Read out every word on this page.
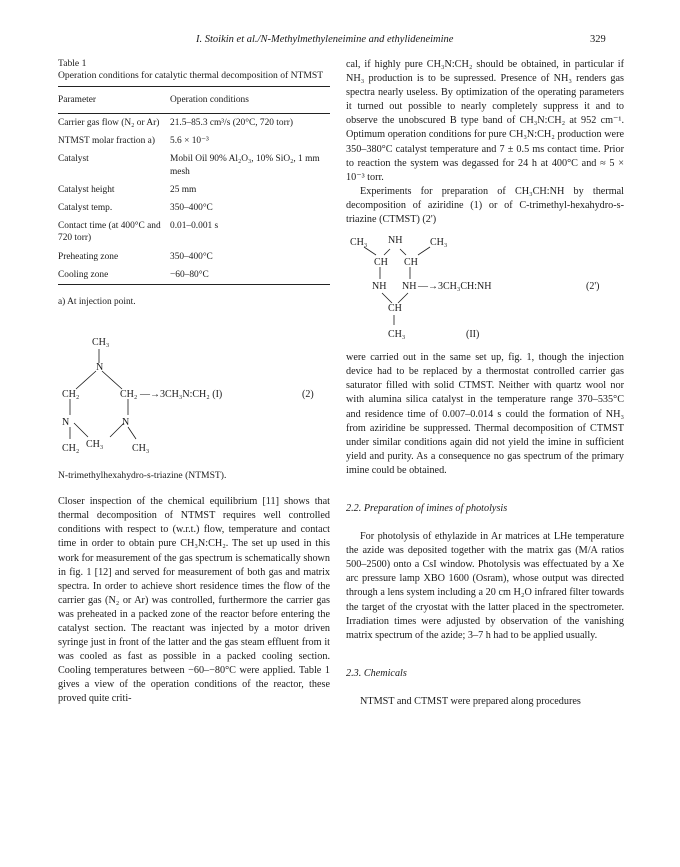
I. Stoikin et al./N-Methylmethyleneimine and ethylideneimine	329
Table 1
Operation conditions for catalytic thermal decomposition of NTMST
Parameter	Operation conditions
Carrier gas flow (N₂ or Ar)	21.5–85.3 cm³/s (20°C, 720 torr)
NTMST molar fraction a)	5.6 × 10⁻³
Catalyst	Mobil Oil 90% Al₂O₃, 10% SiO₂, 1 mm mesh
Catalyst height	25 mm
Catalyst temp.	350–400°C
Contact time (at 400°C and 720 torr)	0.01–0.001 s
Preheating zone	350–400°C
Cooling zone	−60–80°C
a) At injection point.
CH₃
N
CH₂	CH₂
N	N
CH₂ CH₃	CH₃
—→3CH₃N:CH₂ (I)	(2)
N-trimethylhexahydro-s-triazine (NTMST).

Closer inspection of the chemical equilibrium [11] shows that thermal decomposition of NTMST requires well controlled conditions with respect to (w.r.t.) flow, temperature and contact time in order to obtain pure CH₃N:CH₂. The set up used in this work for measurement of the gas spectrum is schematically shown in fig. 1 [12] and served for measurement of both gas and matrix spectra. In order to achieve short residence times the flow of the carrier gas (N₂ or Ar) was controlled, furthermore the carrier gas was preheated in a packed zone of the reactor before entering the catalyst section. The reactant was injected by a motor driven syringe just in front of the latter and the gas steam effluent from it was cooled as fast as possible in a packed cooling section. Cooling temperatures between −60–−80°C were applied. Table 1 gives a view of the operation conditions of the reactor, these proved quite criti-

cal, if highly pure CH₃N:CH₂ should be obtained, in particular if NH₃ production is to be supressed. Presence of NH₃ renders gas spectra nearly useless. By optimization of the operating parameters it turned out possible to nearly completely suppress it and to observe the unobscured B type band of CH₃N:CH₂ at 952 cm⁻¹. Optimum operation conditions for pure CH₃N:CH₂ production were 350–380°C catalyst temperature and 7 ± 0.5 ms contact time. Prior to reaction the system was degassed for 24 h at 400°C and ≈ 5 × 10⁻³ torr.

Experiments for preparation of CH₃CH:NH by thermal decomposition of aziridine (1) or of C-trimethyl-hexahydro-s-triazine (CTMST) (2')

CH₃ NH	CH₃
CH CH
NH NH
CH
CH₃
—→3CH₃CH:NH	(2')
(II)

were carried out in the same set up, fig. 1, though the injection device had to be replaced by a thermostat controlled carrier gas saturator filled with solid CTMST. Neither with quartz wool nor with alumina silica catalyst in the temperature range 370–535°C and residence time of 0.007–0.014 s could the formation of NH₃ from aziridine be suppressed. Thermal decomposition of CTMST under similar conditions again did not yield the imine in sufficient yield and purity. As a consequence no gas spectrum of the primary imine could be obtained.

2.2. Preparation of imines of photolysis

For photolysis of ethylazide in Ar matrices at LHe temperature the azide was deposited together with the matrix gas (M/A ratios 500–2500) onto a CsI window. Photolysis was effectuated by a Xe arc pressure lamp XBO 1600 (Osram), whose output was directed through a lens system including a 20 cm H₂O infrared filter towards the target of the cryostat with the latter placed in the spectrometer. Irradiation times were adjusted by observation of the vanishing matrix spectrum of the azide; 3–7 h had to be applied usually.

2.3. Chemicals

NTMST and CTMST were prepared along procedures
